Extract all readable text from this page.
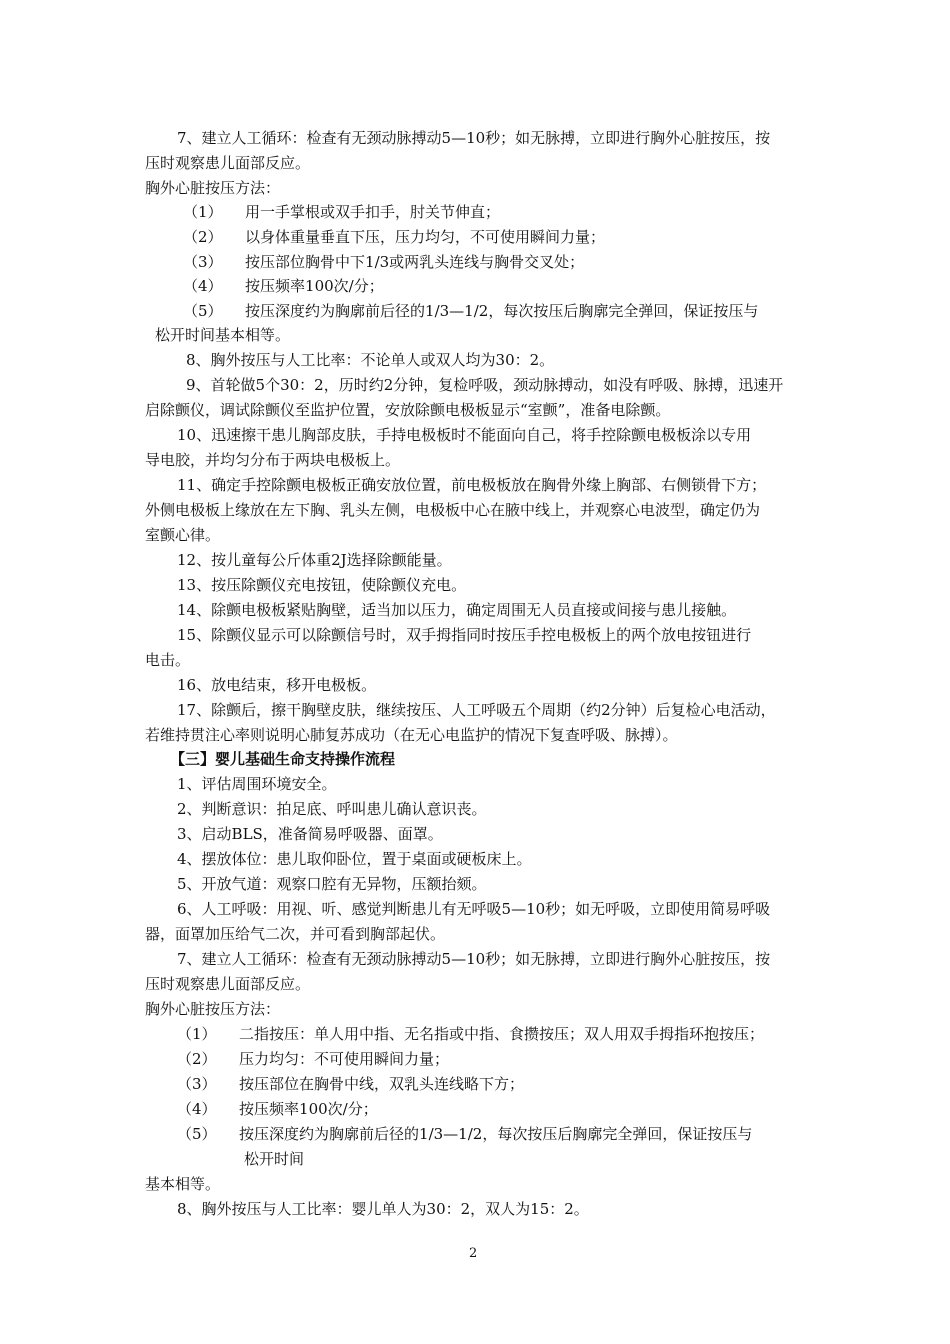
7、建立人工循环：检查有无颈动脉搏动5—10秒；如无脉搏，立即进行胸外心脏按压，按
压时观察患儿面部反应。
胸外心脏按压方法：
（1）　　用一手掌根或双手扣手，肘关节伸直；
（2）　　以身体重量垂直下压，压力均匀，不可使用瞬间力量；
（3）　　按压部位胸骨中下1/3或两乳头连线与胸骨交叉处；
（4）　　按压频率100次/分；
（5）　　按压深度约为胸廓前后径的1/3—1/2，每次按压后胸廓完全弹回，保证按压与
松开时间基本相等。
8、胸外按压与人工比率：不论单人或双人均为30：2。
9、首轮做5个30：2，历时约2分钟，复检呼吸，颈动脉搏动，如没有呼吸、脉搏，迅速开
启除颤仪，调试除颤仪至监护位置，安放除颤电极板显示“室颤”，准备电除颤。
10、迅速擦干患儿胸部皮肤，手持电极板时不能面向自己，将手控除颤电极板涂以专用
导电胶，并均匀分布于两块电极板上。
11、确定手控除颤电极板正确安放位置，前电极板放在胸骨外缘上胸部、右侧锁骨下方；
外侧电极板上缘放在左下胸、乳头左侧，电极板中心在腋中线上，并观察心电波型，确定仍为
室颤心律。
12、按儿童每公斤体重2J选择除颤能量。
13、按压除颤仪充电按钮，使除颤仪充电。
14、除颤电极板紧贴胸壁，适当加以压力，确定周围无人员直接或间接与患儿接触。
15、除颤仪显示可以除颤信号时，双手拇指同时按压手控电极板上的两个放电按钮进行
电击。
16、放电结束，移开电极板。
17、除颤后，擦干胸壁皮肤，继续按压、人工呼吸五个周期（约2分钟）后复检心电活动，
若维持贯注心率则说明心肺复苏成功（在无心电监护的情况下复查呼吸、脉搏）。
【三】婴儿基础生命支持操作流程
1、评估周围环境安全。
2、判断意识：拍足底、呼叫患儿确认意识丧。
3、启动BLS，准备简易呼吸器、面罩。
4、摆放体位：患儿取仰卧位，置于桌面或硬板床上。
5、开放气道：观察口腔有无异物，压额抬颏。
6、人工呼吸：用视、听、感觉判断患儿有无呼吸5—10秒；如无呼吸，立即使用简易呼吸
器，面罩加压给气二次，并可看到胸部起伏。
7、建立人工循环：检查有无颈动脉搏动5—10秒；如无脉搏，立即进行胸外心脏按压，按
压时观察患儿面部反应。
胸外心脏按压方法：
（1）　　二指按压：单人用中指、无名指或中指、食攒按压；双人用双手拇指环抱按压；
（2）　　压力均匀：不可使用瞬间力量；
（3）　　按压部位在胸骨中线，双乳头连线略下方；
（4）　　按压频率100次/分；
（5）　　按压深度约为胸廓前后径的1/3—1/2，每次按压后胸廓完全弹回，保证按压与
松开时间
基本相等。
8、胸外按压与人工比率：婴儿单人为30：2，双人为15：2。
2
